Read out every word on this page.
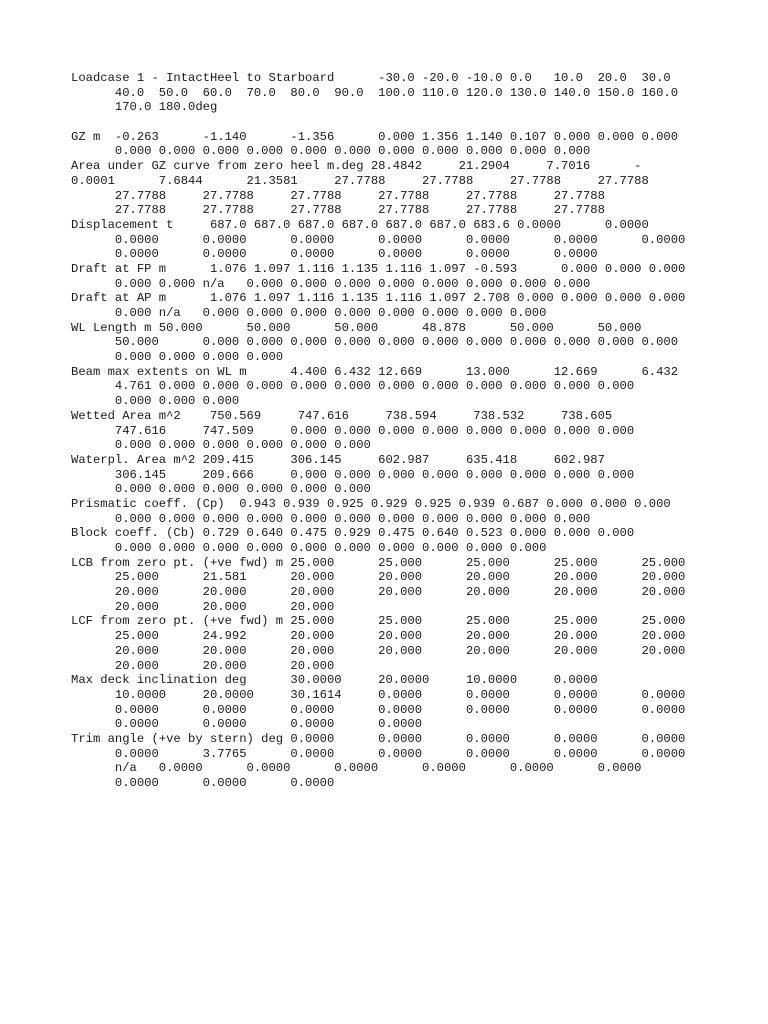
Loadcase 1 - IntactHeel to Starboard      -30.0 -20.0 -10.0 0.0   10.0  20.0  30.0
40.0  50.0  60.0  70.0  80.0  90.0  100.0 110.0 120.0 130.0 140.0 150.0 160.0
170.0 180.0deg
GZ m  -0.263      -1.140      -1.356      0.000 1.356 1.140 0.107 0.000 0.000 0.000
0.000 0.000 0.000 0.000 0.000 0.000 0.000 0.000 0.000 0.000 0.000
Area under GZ curve from zero heel m.deg 28.4842     21.2904     7.7016      -
0.0001      7.6844      21.3581     27.7788     27.7788     27.7788     27.7788
27.7788     27.7788     27.7788     27.7788     27.7788     27.7788
27.7788     27.7788     27.7788     27.7788     27.7788     27.7788
Displacement t     687.0 687.0 687.0 687.0 687.0 687.0 683.6 0.0000      0.0000
0.0000      0.0000      0.0000      0.0000      0.0000      0.0000      0.0000
0.0000      0.0000      0.0000      0.0000      0.0000      0.0000
Draft at FP m      1.076 1.097 1.116 1.135 1.116 1.097 -0.593      0.000 0.000 0.000
0.000 0.000 n/a   0.000 0.000 0.000 0.000 0.000 0.000 0.000 0.000
Draft at AP m      1.076 1.097 1.116 1.135 1.116 1.097 2.708 0.000 0.000 0.000 0.000
0.000 n/a   0.000 0.000 0.000 0.000 0.000 0.000 0.000 0.000
WL Length m 50.000      50.000      50.000      48.878      50.000      50.000
50.000      0.000 0.000 0.000 0.000 0.000 0.000 0.000 0.000 0.000 0.000 0.000
0.000 0.000 0.000 0.000
Beam max extents on WL m      4.400 6.432 12.669      13.000      12.669      6.432
4.761 0.000 0.000 0.000 0.000 0.000 0.000 0.000 0.000 0.000 0.000 0.000
0.000 0.000 0.000
Wetted Area m^2    750.569     747.616     738.594     738.532     738.605
747.616     747.509     0.000 0.000 0.000 0.000 0.000 0.000 0.000 0.000
0.000 0.000 0.000 0.000 0.000 0.000
Waterpl. Area m^2 209.415     306.145     602.987     635.418     602.987
306.145     209.666     0.000 0.000 0.000 0.000 0.000 0.000 0.000 0.000
0.000 0.000 0.000 0.000 0.000 0.000
Prismatic coeff. (Cp)  0.943 0.939 0.925 0.929 0.925 0.939 0.687 0.000 0.000 0.000
0.000 0.000 0.000 0.000 0.000 0.000 0.000 0.000 0.000 0.000 0.000
Block coeff. (Cb) 0.729 0.640 0.475 0.929 0.475 0.640 0.523 0.000 0.000 0.000
0.000 0.000 0.000 0.000 0.000 0.000 0.000 0.000 0.000 0.000
LCB from zero pt. (+ve fwd) m 25.000      25.000      25.000      25.000      25.000
25.000      21.581      20.000      20.000      20.000      20.000      20.000
20.000      20.000      20.000      20.000      20.000      20.000      20.000
20.000      20.000      20.000
LCF from zero pt. (+ve fwd) m 25.000      25.000      25.000      25.000      25.000
25.000      24.992      20.000      20.000      20.000      20.000      20.000
20.000      20.000      20.000      20.000      20.000      20.000      20.000
20.000      20.000      20.000
Max deck inclination deg      30.0000     20.0000     10.0000     0.0000
10.0000     20.0000     30.1614     0.0000      0.0000      0.0000      0.0000
0.0000      0.0000      0.0000      0.0000      0.0000      0.0000      0.0000
0.0000      0.0000      0.0000      0.0000
Trim angle (+ve by stern) deg 0.0000      0.0000      0.0000      0.0000      0.0000
0.0000      3.7765      0.0000      0.0000      0.0000      0.0000      0.0000
n/a   0.0000      0.0000      0.0000      0.0000      0.0000      0.0000
0.0000      0.0000      0.0000
